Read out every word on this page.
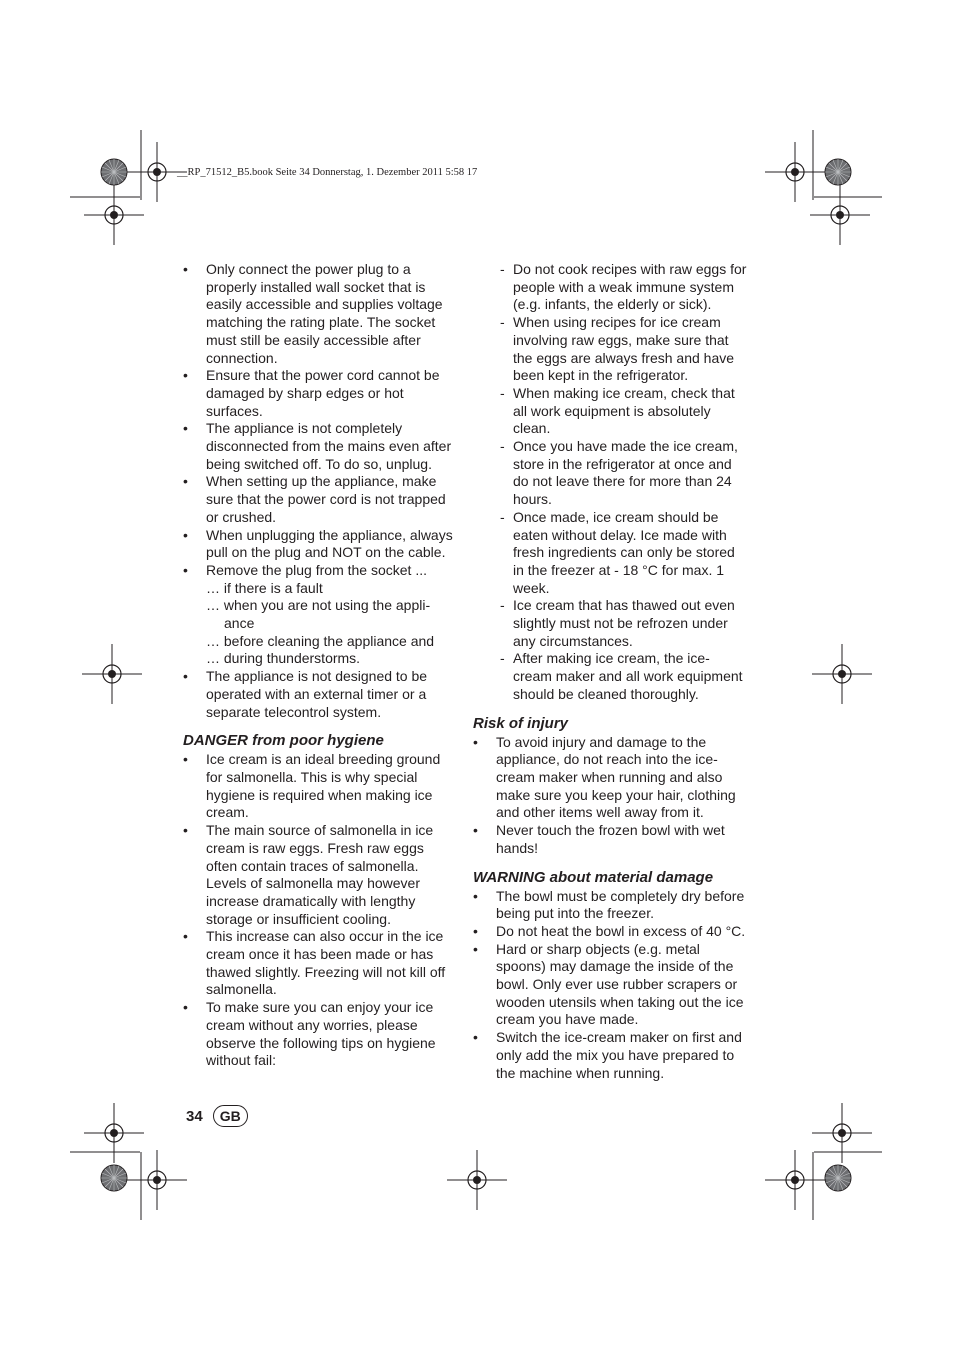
__RP_71512_B5.book Seite 34 Donnerstag, 1. Dezember 2011 5:58 17
• Only connect the power plug to a properly installed wall socket that is easily accessible and supplies voltage matching the rating plate. The socket must still be easily accessible after connection.
• Ensure that the power cord cannot be damaged by sharp edges or hot surfaces.
• The appliance is not completely disconnected from the mains even after being switched off. To do so, unplug.
• When setting up the appliance, make sure that the power cord is not trapped or crushed.
• When unplugging the appliance, always pull on the plug and NOT on the cable.
• Remove the plug from the socket ...
… if there is a fault
… when you are not using the appli-
ance
… before cleaning the appliance and
… during thunderstorms.
• The appliance is not designed to be operated with an external timer or a separate telecontrol system.
DANGER from poor hygiene
• Ice cream is an ideal breeding ground for salmonella. This is why special hygiene is required when making ice cream.
• The main source of salmonella in ice cream is raw eggs. Fresh raw eggs often contain traces of salmonella. Levels of salmonella may however increase dramatically with lengthy storage or insufficient cooling.
• This increase can also occur in the ice cream once it has been made or has thawed slightly. Freezing will not kill off salmonella.
• To make sure you can enjoy your ice cream without any worries, please observe the following tips on hygiene without fail:
- Do not cook recipes with raw eggs for people with a weak immune system (e.g. infants, the elderly or sick).
- When using recipes for ice cream involving raw eggs, make sure that the eggs are always fresh and have been kept in the refrigerator.
- When making ice cream, check that all work equipment is absolutely clean.
- Once you have made the ice cream, store in the refrigerator at once and do not leave there for more than 24 hours.
- Once made, ice cream should be eaten without delay. Ice made with fresh ingredients can only be stored in the freezer at - 18 °C for max. 1 week.
- Ice cream that has thawed out even slightly must not be refrozen under any circumstances.
- After making ice cream, the ice-cream maker and all work equipment should be cleaned thoroughly.
Risk of injury
• To avoid injury and damage to the appliance, do not reach into the ice-cream maker when running and also make sure you keep your hair, clothing and other items well away from it.
• Never touch the frozen bowl with wet hands!
WARNING about material damage
• The bowl must be completely dry before being put into the freezer.
• Do not heat the bowl in excess of 40 °C.
• Hard or sharp objects (e.g. metal spoons) may damage the inside of the bowl. Only ever use rubber scrapers or wooden utensils when taking out the ice cream you have made.
• Switch the ice-cream maker on first and only add the mix you have prepared to the machine when running.
34	GB
